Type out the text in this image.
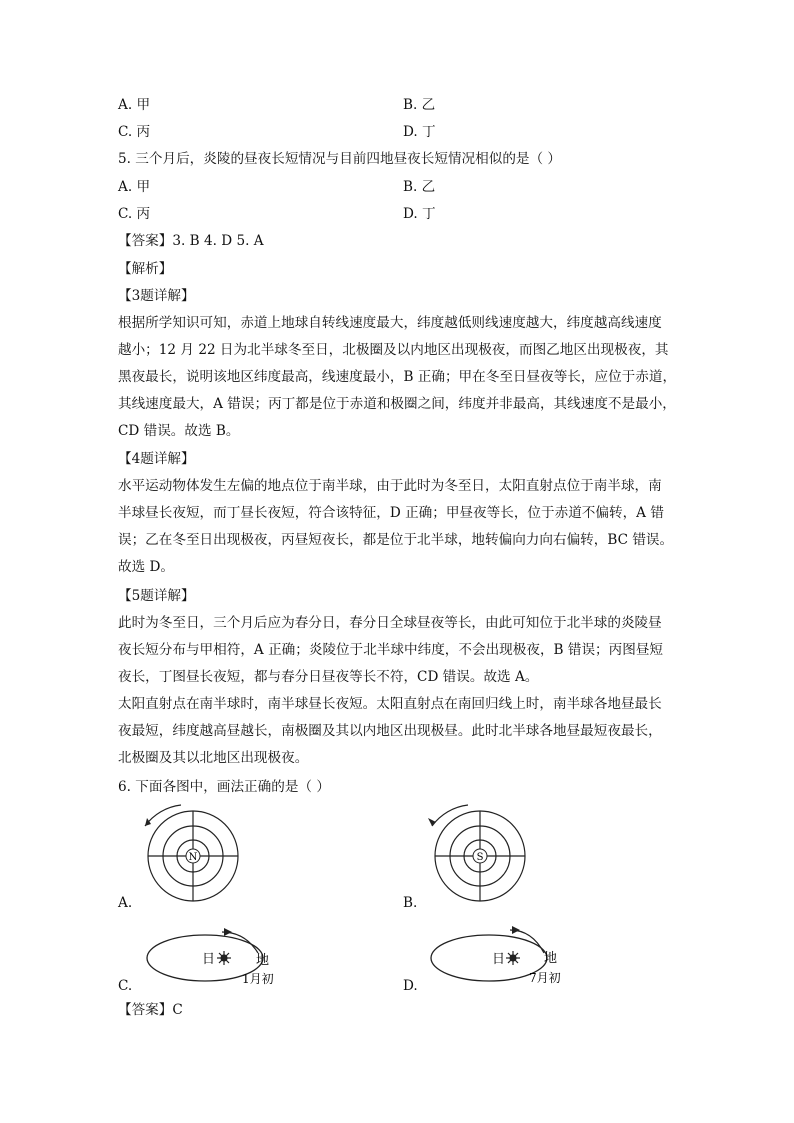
A. 甲	B. 乙
C. 丙	D. 丁
5. 三个月后，炎陵的昼夜长短情况与目前四地昼夜长短情况相似的是（ ）
A. 甲	B. 乙
C. 丙	D. 丁
【答案】3. B 4. D 5. A
【解析】
【3题详解】
根据所学知识可知，赤道上地球自转线速度最大，纬度越低则线速度越大，纬度越高线速度
越小；12 月 22 日为北半球冬至日，北极圈及以内地区出现极夜，而图乙地区出现极夜，其
黑夜最长，说明该地区纬度最高，线速度最小，B 正确；甲在冬至日昼夜等长，应位于赤道，
其线速度最大，A 错误；丙丁都是位于赤道和极圈之间，纬度并非最高，其线速度不是最小，
CD 错误。故选 B。
【4题详解】
水平运动物体发生左偏的地点位于南半球，由于此时为冬至日，太阳直射点位于南半球，南
半球昼长夜短，而丁昼长夜短，符合该特征，D 正确；甲昼夜等长，位于赤道不偏转，A 错
误；乙在冬至日出现极夜，丙昼短夜长，都是位于北半球，地转偏向力向右偏转，BC 错误。
故选 D。
【5题详解】
此时为冬至日，三个月后应为春分日，春分日全球昼夜等长，由此可知位于北半球的炎陵昼
夜长短分布与甲相符，A 正确；炎陵位于北半球中纬度，不会出现极夜，B 错误；丙图昼短
夜长，丁图昼长夜短，都与春分日昼夜等长不符，CD 错误。故选 A。
太阳直射点在南半球时，南半球昼长夜短。太阳直射点在南回归线上时，南半球各地昼最长
夜最短，纬度越高昼越长，南极圈及其以内地区出现极昼。此时北半球各地昼最短夜最长，
北极圈及其以北地区出现极夜。
6. 下面各图中，画法正确的是（ ）
N
A.
S
B.
日	地
1月初
C.
日	地
7月初
D.
【答案】C
